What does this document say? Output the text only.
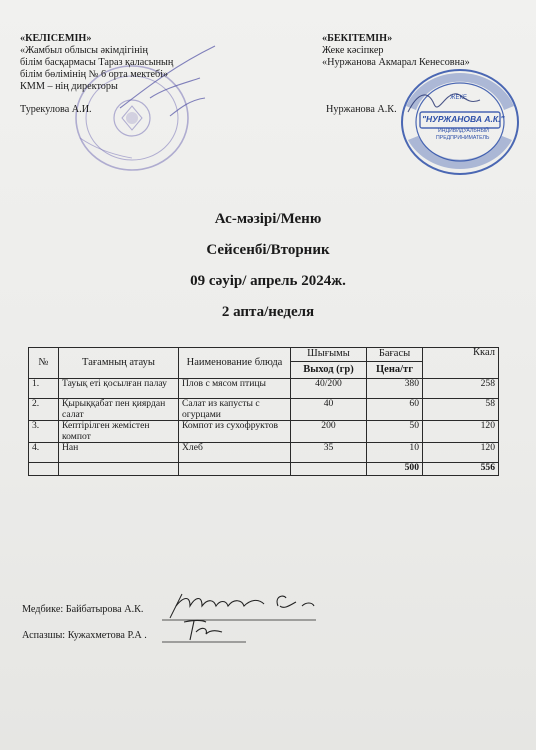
ЖЕКЕ
"НУРЖАНОВА А.К."
ИНДИВИДУАЛЬНЫЙ
ПРЕДПРИНИМАТЕЛЬ
«КЕЛІСЕМІН»
«Жамбыл облысы әкімдігінің
білім басқармасы Тараз қаласының
білім бөлімінің № 6 орта мектебі»
КММ – нің директоры
Турекулова А.И.
«БЕКІТЕМІН»
Жеке кәсіпкер
«Нуржанова Акмарал Кенесовна»
Нуржанова А.К.
Ас-мәзірі/Меню
Сейсенбі/Вторник
09 сәуір/ апрель 2024ж.
2 апта/неделя
№	Тағамның атауы	Наименование блюда	Шығымы	Бағасы	Ккал
			Выход (гр)	Цена/тг	
1.	Тауық еті қосылған палау	Плов с мясом птицы	40/200	380	258
2.	Қырыққабат пен қиярдан салат	Салат из капусты с огурцами	40	60	58
3.	Кептірілген жемістен компот	Компот из сухофруктов	200	50	120
4.	Нан	Хлеб	35	10	120
				500	556
Медбике: Байбатырова А.К.
Аспазшы: Кужахметова Р.А .
